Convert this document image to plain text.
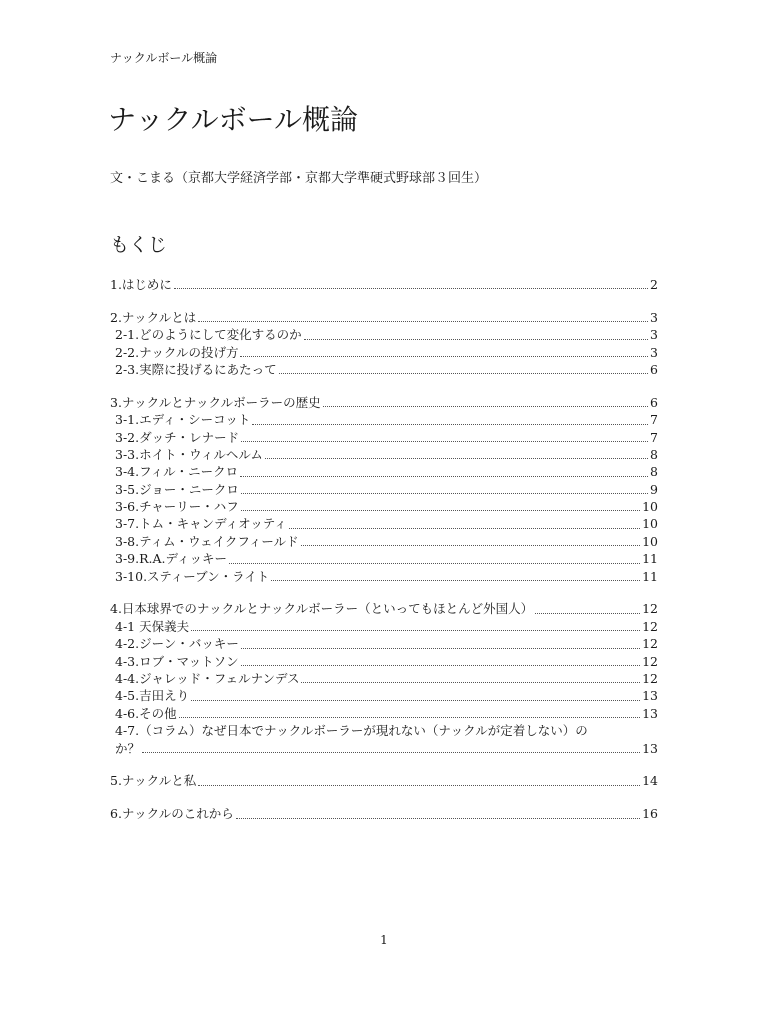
ナックルボール概論
ナックルボール概論
文・こまる（京都大学経済学部・京都大学準硬式野球部３回生）
もくじ
1.はじめに	2
2.ナックルとは	3
2-1.どのようにして変化するのか	3
2-2.ナックルの投げ方	3
2-3.実際に投げるにあたって	6
3.ナックルとナックルボーラーの歴史	6
3-1.エディ・シーコット	7
3-2.ダッチ・レナード	7
3-3.ホイト・ウィルヘルム	8
3-4.フィル・ニークロ	8
3-5.ジョー・ニークロ	9
3-6.チャーリー・ハフ	10
3-7.トム・キャンディオッティ	10
3-8.ティム・ウェイクフィールド	10
3-9.R.A.ディッキー	11
3-10.スティーブン・ライト	11
4.日本球界でのナックルとナックルボーラー（といってもほとんど外国人）	12
4-1 天保義夫	12
4-2.ジーン・バッキー	12
4-3.ロブ・マットソン	12
4-4.ジャレッド・フェルナンデス	12
4-5.吉田えり	13
4-6.その他	13
4-7.（コラム）なぜ日本でナックルボーラーが現れない（ナックルが定着しない）の
か？	13
5.ナックルと私	14
6.ナックルのこれから	16
1
